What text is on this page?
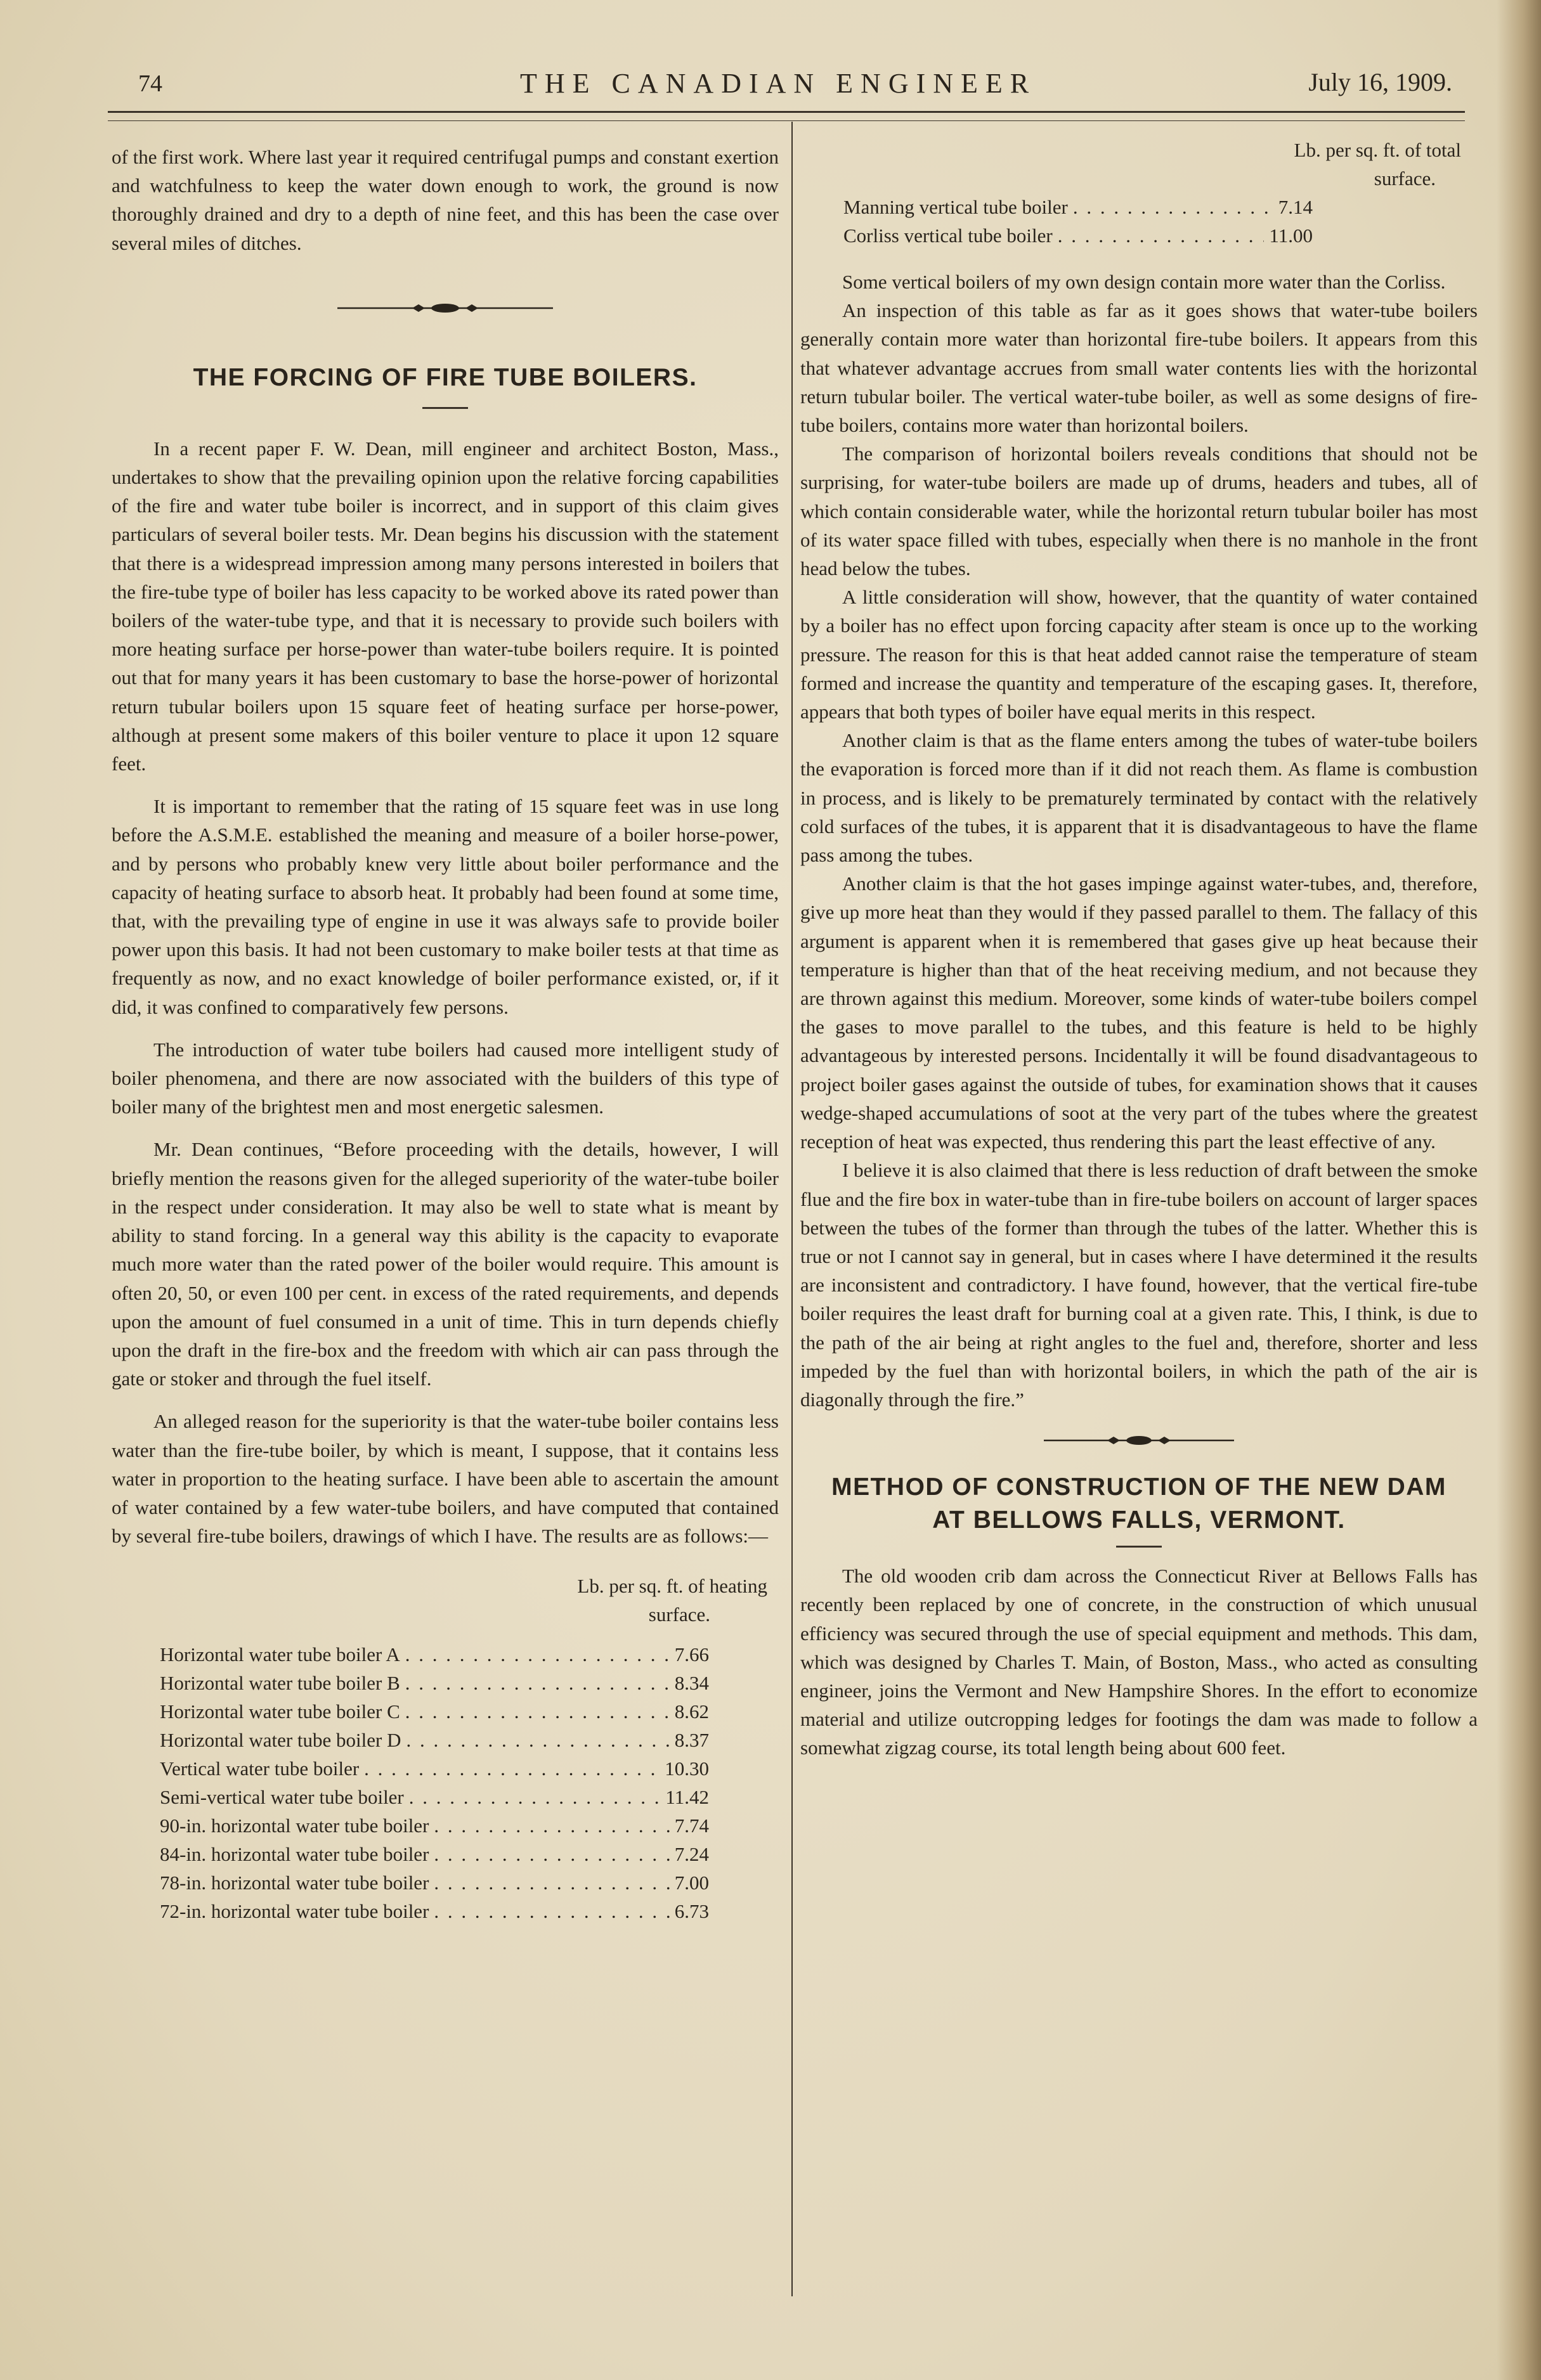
74	THE CANADIAN ENGINEER	July 16, 1909.

of the first work. Where last year it required centrifugal pumps and constant exertion and watchfulness to keep the water down enough to work, the ground is now thoroughly drained and dry to a depth of nine feet, and this has been the case over several miles of ditches.

THE FORCING OF FIRE TUBE BOILERS.

In a recent paper F. W. Dean, mill engineer and architect Boston, Mass., undertakes to show that the prevailing opinion upon the relative forcing capabilities of the fire and water tube boiler is incorrect, and in support of this claim gives particulars of several boiler tests. Mr. Dean begins his discussion with the statement that there is a widespread impression among many persons interested in boilers that the fire-tube type of boiler has less capacity to be worked above its rated power than boilers of the water-tube type, and that it is necessary to provide such boilers with more heating surface per horse-power than water-tube boilers require. It is pointed out that for many years it has been customary to base the horse-power of horizontal return tubular boilers upon 15 square feet of heating surface per horse-power, although at present some makers of this boiler venture to place it upon 12 square feet.

It is important to remember that the rating of 15 square feet was in use long before the A.S.M.E. established the meaning and measure of a boiler horse-power, and by persons who probably knew very little about boiler performance and the capacity of heating surface to absorb heat. It probably had been found at some time, that, with the prevailing type of engine in use it was always safe to provide boiler power upon this basis. It had not been customary to make boiler tests at that time as frequently as now, and no exact knowledge of boiler performance existed, or, if it did, it was confined to comparatively few persons.

The introduction of water tube boilers had caused more intelligent study of boiler phenomena, and there are now associated with the builders of this type of boiler many of the brightest men and most energetic salesmen.

Mr. Dean continues, “Before proceeding with the details, however, I will briefly mention the reasons given for the alleged superiority of the water-tube boiler in the respect under consideration. It may also be well to state what is meant by ability to stand forcing. In a general way this ability is the capacity to evaporate much more water than the rated power of the boiler would require. This amount is often 20, 50, or even 100 per cent. in excess of the rated requirements, and depends upon the amount of fuel consumed in a unit of time. This in turn depends chiefly upon the draft in the fire-box and the freedom with which air can pass through the gate or stoker and through the fuel itself.

An alleged reason for the superiority is that the water-tube boiler contains less water than the fire-tube boiler, by which is meant, I suppose, that it contains less water in proportion to the heating surface. I have been able to ascertain the amount of water contained by a few water-tube boilers, and have computed that contained by several fire-tube boilers, drawings of which I have. The results are as follows:—

Lb. per sq. ft. of heating
surface.
Horizontal water tube boiler A . . .	7.66
Horizontal water tube boiler B . . .	8.34
Horizontal water tube boiler C . . .	8.62
Horizontal water tube boiler D . . .	8.37
Vertical water tube boiler . . .	10.30
Semi-vertical water tube boiler . . .	11.42
90-in. horizontal water tube boiler . . .	7.74
84-in. horizontal water tube boiler . . .	7.24
78-in. horizontal water tube boiler . . .	7.00
72-in. horizontal water tube boiler . . .	6.73
Lb. per sq. ft. of total
surface.
Manning vertical tube boiler . . .	7.14
Corliss vertical tube boiler . . .	11.00

Some vertical boilers of my own design contain more water than the Corliss.

An inspection of this table as far as it goes shows that water-tube boilers generally contain more water than horizontal fire-tube boilers. It appears from this that whatever advantage accrues from small water contents lies with the horizontal return tubular boiler. The vertical water-tube boiler, as well as some designs of fire-tube boilers, contains more water than horizontal boilers.

The comparison of horizontal boilers reveals conditions that should not be surprising, for water-tube boilers are made up of drums, headers and tubes, all of which contain considerable water, while the horizontal return tubular boiler has most of its water space filled with tubes, especially when there is no manhole in the front head below the tubes.

A little consideration will show, however, that the quantity of water contained by a boiler has no effect upon forcing capacity after steam is once up to the working pressure. The reason for this is that heat added cannot raise the temperature of steam formed and increase the quantity and temperature of the escaping gases. It, therefore, appears that both types of boiler have equal merits in this respect.

Another claim is that as the flame enters among the tubes of water-tube boilers the evaporation is forced more than if it did not reach them. As flame is combustion in process, and is likely to be prematurely terminated by contact with the relatively cold surfaces of the tubes, it is apparent that it is disadvantageous to have the flame pass among the tubes.

Another claim is that the hot gases impinge against water-tubes, and, therefore, give up more heat than they would if they passed parallel to them. The fallacy of this argument is apparent when it is remembered that gases give up heat because their temperature is higher than that of the heat receiving medium, and not because they are thrown against this medium. Moreover, some kinds of water-tube boilers compel the gases to move parallel to the tubes, and this feature is held to be highly advantageous by interested persons. Incidentally it will be found disadvantageous to project boiler gases against the outside of tubes, for examination shows that it causes wedge-shaped accumulations of soot at the very part of the tubes where the greatest reception of heat was expected, thus rendering this part the least effective of any.

I believe it is also claimed that there is less reduction of draft between the smoke flue and the fire box in water-tube than in fire-tube boilers on account of larger spaces between the tubes of the former than through the tubes of the latter. Whether this is true or not I cannot say in general, but in cases where I have determined it the results are inconsistent and contradictory. I have found, however, that the vertical fire-tube boiler requires the least draft for burning coal at a given rate. This, I think, is due to the path of the air being at right angles to the fuel and, therefore, shorter and less impeded by the fuel than with horizontal boilers, in which the path of the air is diagonally through the fire.”

METHOD OF CONSTRUCTION OF THE NEW DAM AT BELLOWS FALLS, VERMONT.

The old wooden crib dam across the Connecticut River at Bellows Falls has recently been replaced by one of concrete, in the construction of which unusual efficiency was secured through the use of special equipment and methods. This dam, which was designed by Charles T. Main, of Boston, Mass., who acted as consulting engineer, joins the Vermont and New Hampshire Shores. In the effort to economize material and utilize outcropping ledges for footings the dam was made to follow a somewhat zigzag course, its total length being about 600 feet.
